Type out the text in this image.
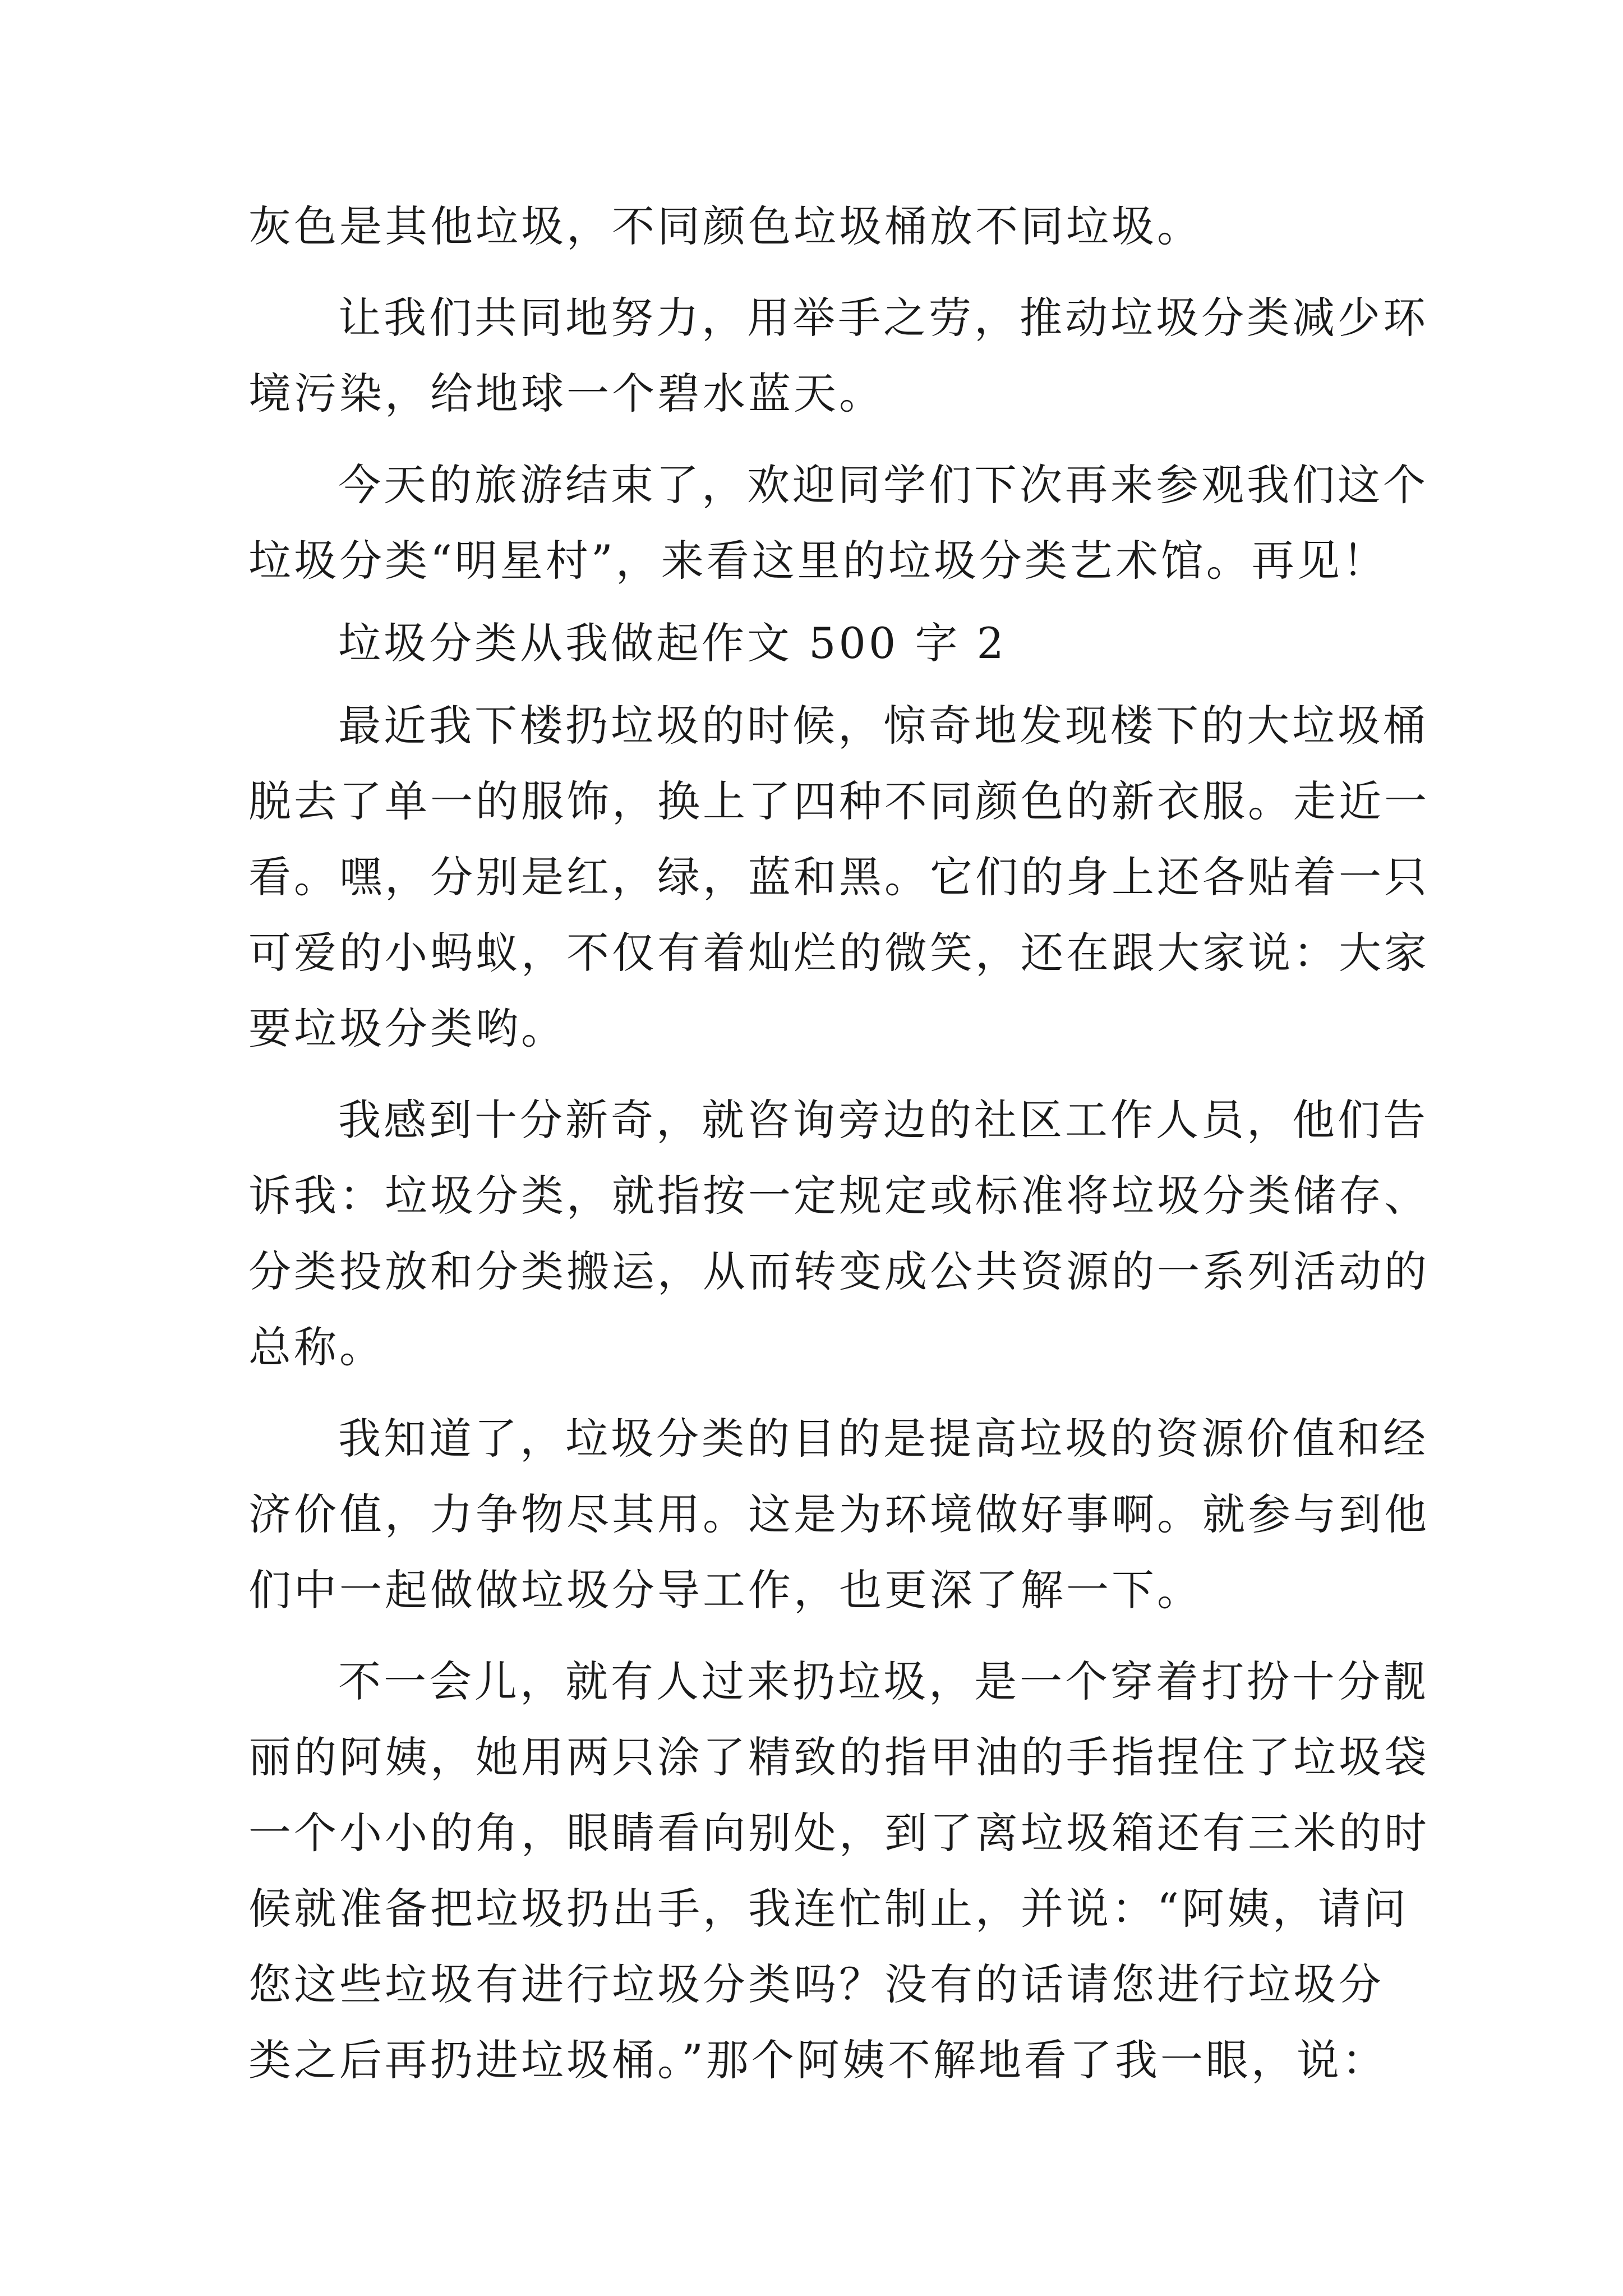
灰色是其他垃圾，不同颜色垃圾桶放不同垃圾。
让我们共同地努力，用举手之劳，推动垃圾分类减少环
境污染，给地球一个碧水蓝天。
今天的旅游结束了，欢迎同学们下次再来参观我们这个
垃圾分类“明星村”，来看这里的垃圾分类艺术馆。再见！
垃圾分类从我做起作文 500 字 2
最近我下楼扔垃圾的时候，惊奇地发现楼下的大垃圾桶
脱去了单一的服饰，换上了四种不同颜色的新衣服。走近一
看。嘿，分别是红，绿，蓝和黑。它们的身上还各贴着一只
可爱的小蚂蚁，不仅有着灿烂的微笑，还在跟大家说：大家
要垃圾分类哟。
我感到十分新奇，就咨询旁边的社区工作人员，他们告
诉我：垃圾分类，就指按一定规定或标准将垃圾分类储存、
分类投放和分类搬运，从而转变成公共资源的一系列活动的
总称。
我知道了，垃圾分类的目的是提高垃圾的资源价值和经
济价值，力争物尽其用。这是为环境做好事啊。就参与到他
们中一起做做垃圾分导工作，也更深了解一下。
不一会儿，就有人过来扔垃圾，是一个穿着打扮十分靓
丽的阿姨，她用两只涂了精致的指甲油的手指捏住了垃圾袋
一个小小的角，眼睛看向别处，到了离垃圾箱还有三米的时
候就准备把垃圾扔出手，我连忙制止，并说：“阿姨，请问
您这些垃圾有进行垃圾分类吗？没有的话请您进行垃圾分
类之后再扔进垃圾桶。”那个阿姨不解地看了我一眼，说：
